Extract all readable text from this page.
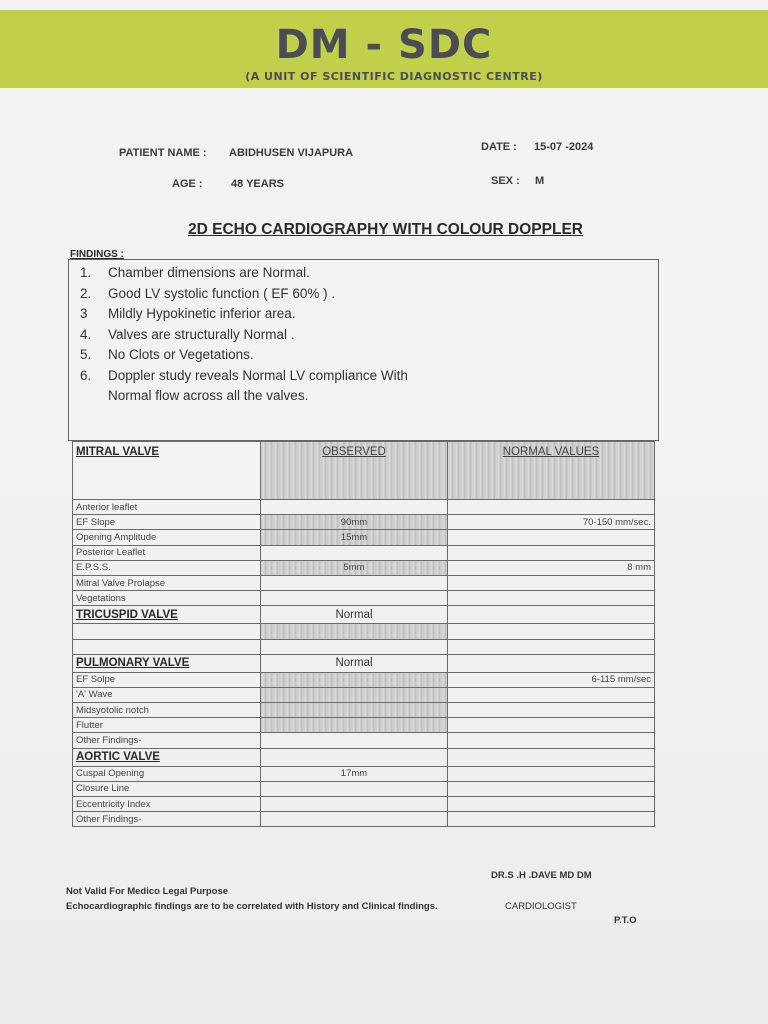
DM - SDC
(A UNIT OF SCIENTIFIC DIAGNOSTIC CENTRE)
PATIENT NAME : ABIDHUSEN VIJAPURA	DATE : 15-07 -2024
AGE :	48 YEARS	SEX : M
2D ECHO CARDIOGRAPHY WITH COLOUR DOPPLER
FINDINGS :
1. Chamber dimensions are Normal.
2. Good LV systolic function ( EF 60% ) .
3 Mildly Hypokinetic inferior area.
4. Valves are structurally Normal .
5. No Clots or Vegetations.
6. Doppler study reveals Normal LV compliance With
Normal flow across all the valves.
MITRAL VALVE	OBSERVED	NORMAL VALUES
Anterior leaflet		
EF Slope	90mm	70-150 mm/sec.
Opening Amplitude	15mm	
Posterior Leaflet		
E.P.S.S.	5mm	8 mm
Mitral Valve Prolapse		
Vegetations		
TRICUSPID VALVE	Normal	

PULMONARY VALVE	Normal	
EF Solpe		6-115 mm/sec
'A' Wave		
Midsyotolic notch		
Flutter		
Other Findings-		
AORTIC VALVE		
Cuspal Opening	17mm	
Closure Line		
Eccentricity Index		
Other Findings-		
DR.S .H .DAVE MD DM
Not Valid For Medico Legal Purpose
Echocardiographic findings are to be correlated with History and Clinical findings.	CARDIOLOGIST
P.T.O
